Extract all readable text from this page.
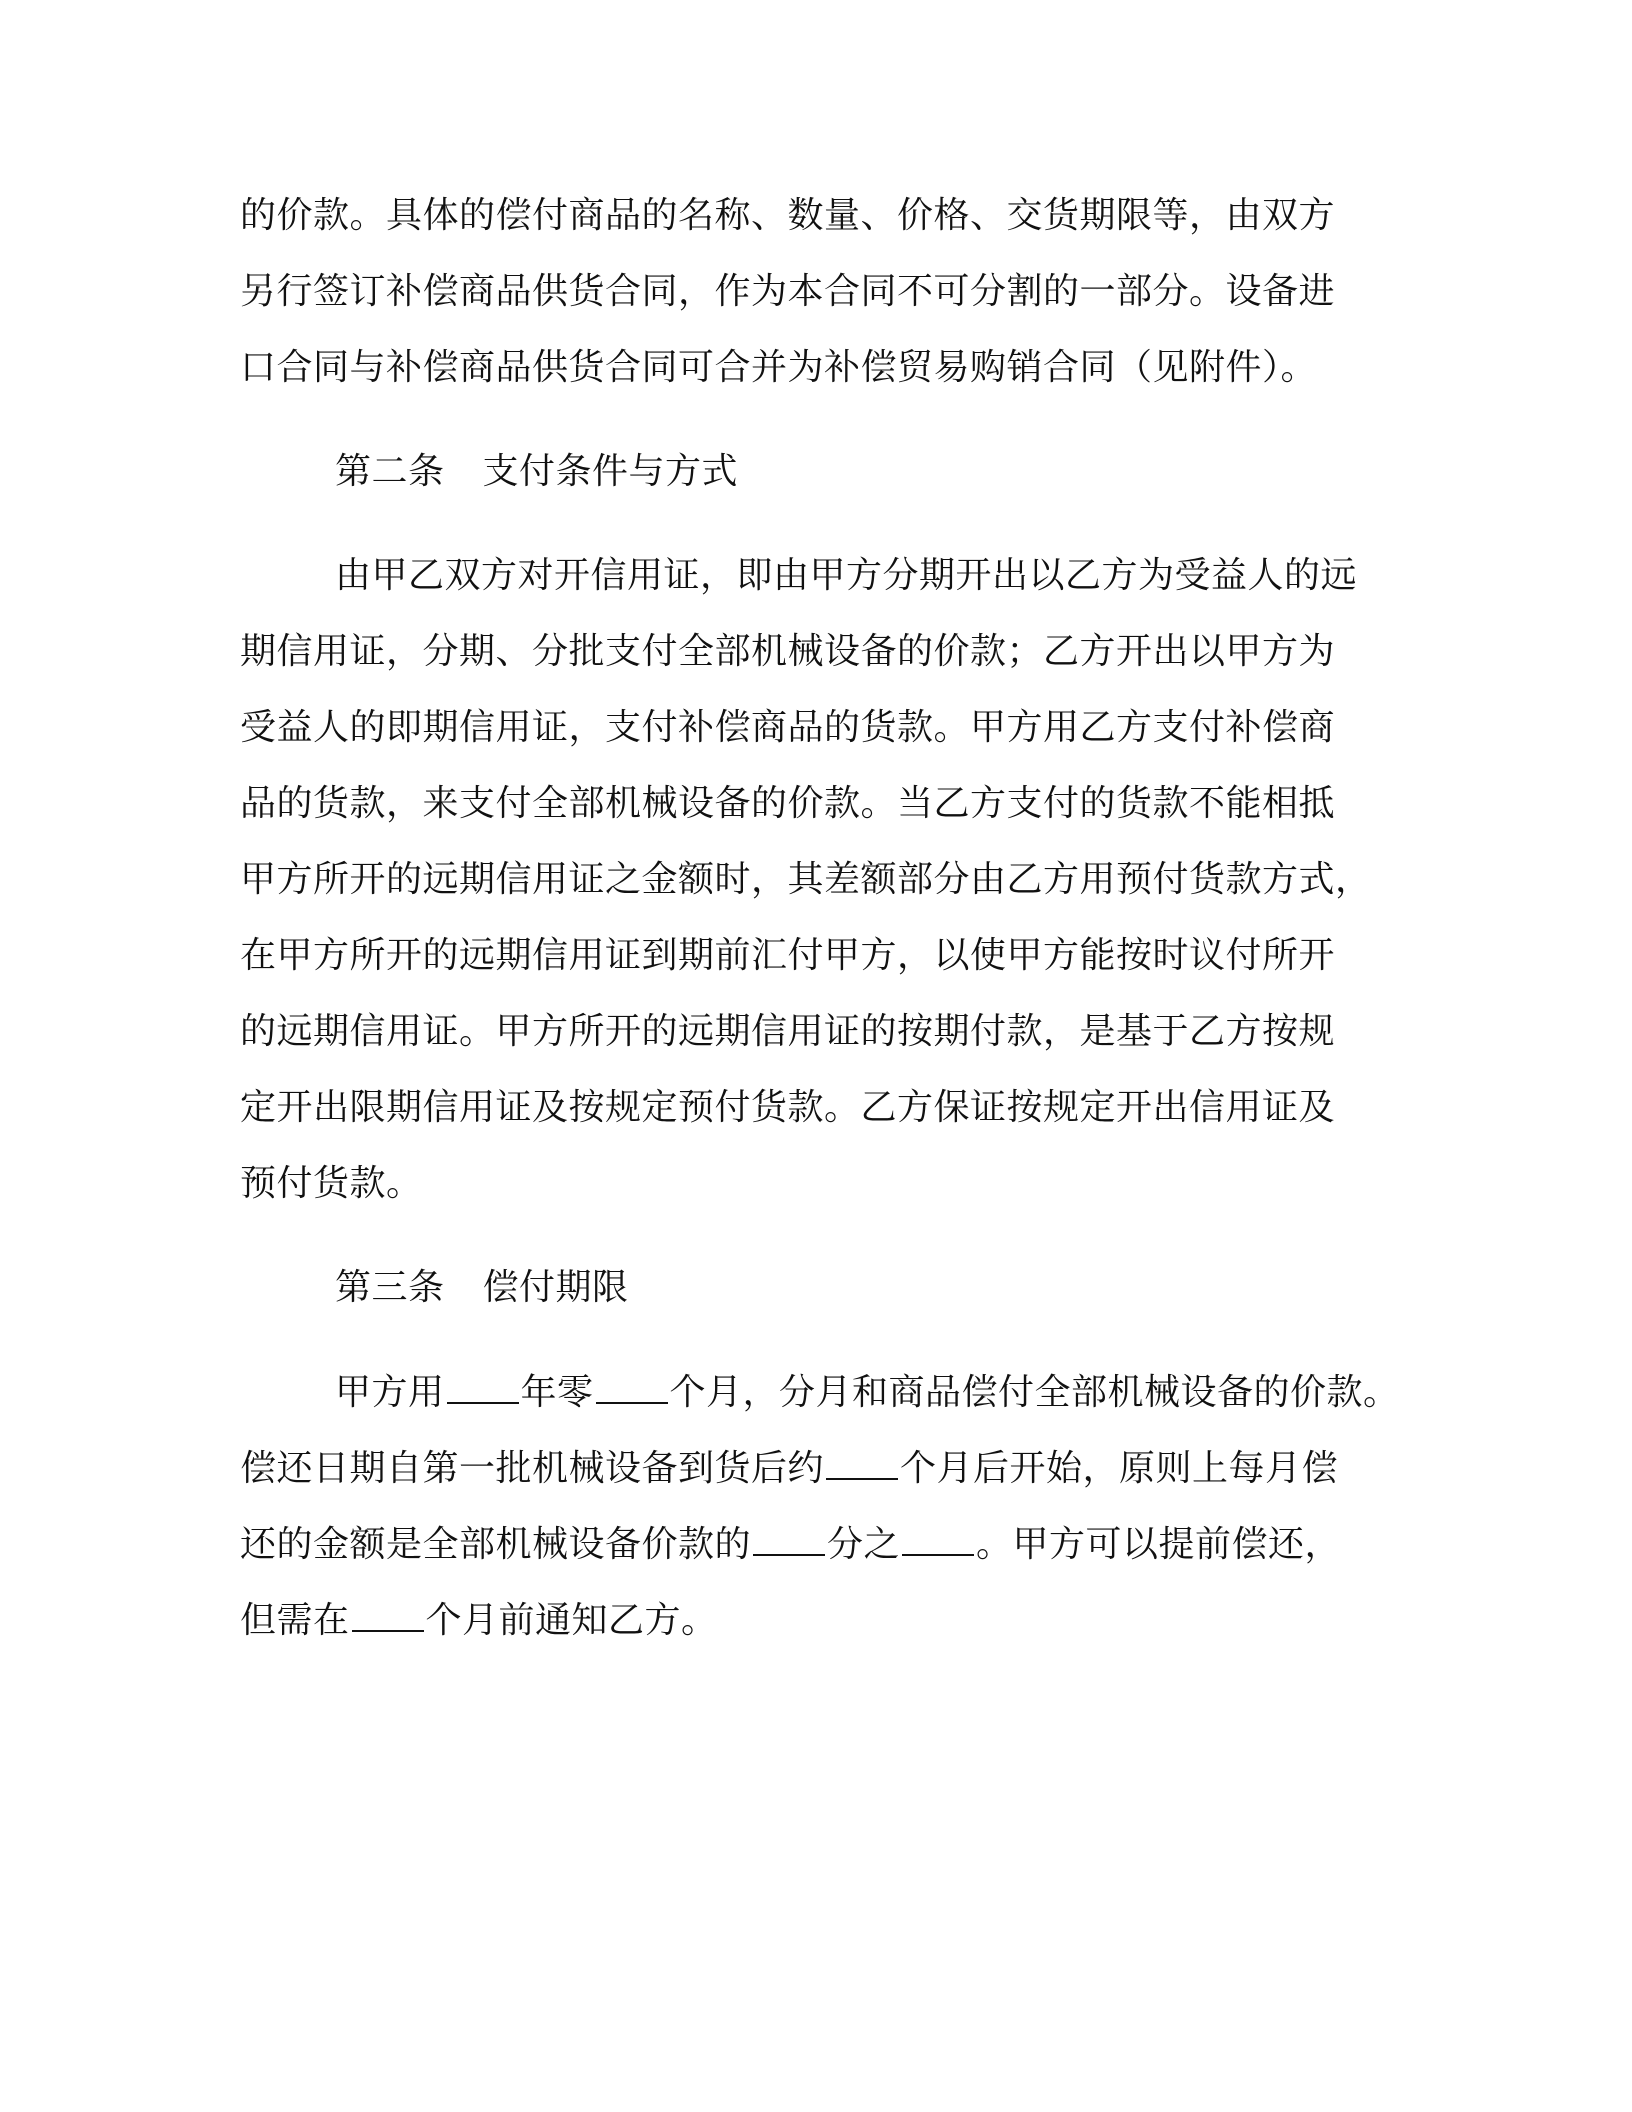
的价款。具体的偿付商品的名称、数量、价格、交货期限等，由双方
另行签订补偿商品供货合同，作为本合同不可分割的一部分。设备进
口合同与补偿商品供货合同可合并为补偿贸易购销合同（见附件）。
第二条 支付条件与方式
由甲乙双方对开信用证，即由甲方分期开出以乙方为受益人的远
期信用证，分期、分批支付全部机械设备的价款；乙方开出以甲方为
受益人的即期信用证，支付补偿商品的货款。甲方用乙方支付补偿商
品的货款，来支付全部机械设备的价款。当乙方支付的货款不能相抵
甲方所开的远期信用证之金额时，其差额部分由乙方用预付货款方式，
在甲方所开的远期信用证到期前汇付甲方，以使甲方能按时议付所开
的远期信用证。甲方所开的远期信用证的按期付款，是基于乙方按规
定开出限期信用证及按规定预付货款。乙方保证按规定开出信用证及
预付货款。
第三条 偿付期限
甲方用 年零 个月，分月和商品偿付全部机械设备的价款。
偿还日期自第一批机械设备到货后约 个月后开始，原则上每月偿
还的金额是全部机械设备价款的 分之 。甲方可以提前偿还，
但需在 个月前通知乙方。
